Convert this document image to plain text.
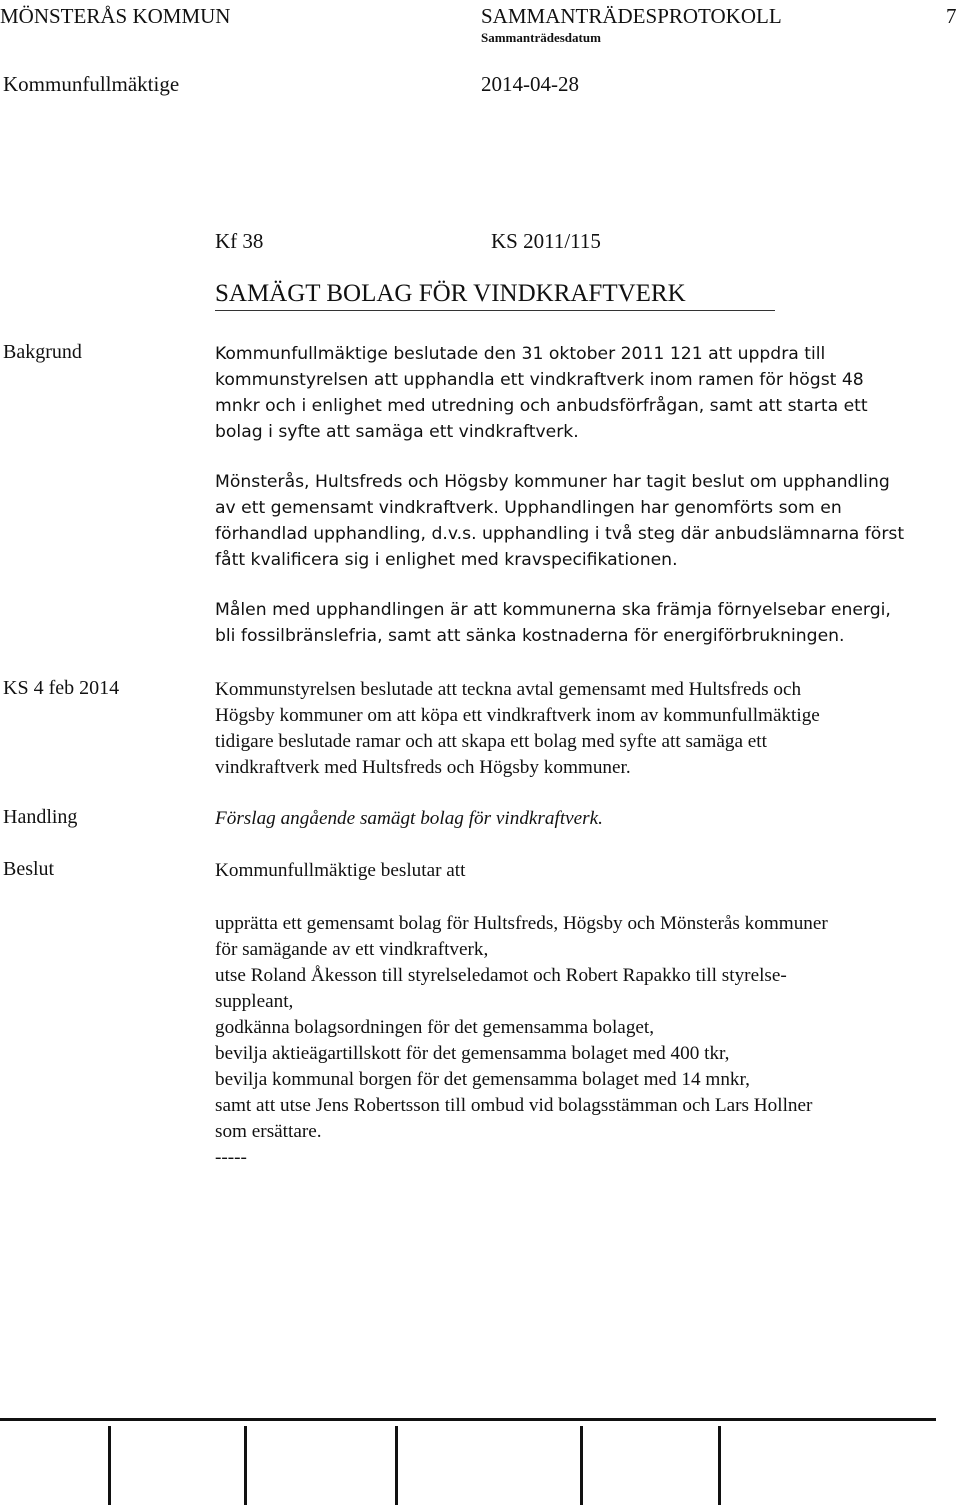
MÖNSTERÅS KOMMUN	SAMMANTRÄDESPROTOKOLL	7
Sammanträdesdatum
Kommunfullmäktige	2014-04-28
Kf 38	KS 2011/115
SAMÄGT BOLAG FÖR VINDKRAFTVERK
Bakgrund	Kommunfullmäktige beslutade den 31 oktober 2011 121 att uppdra till
kommunstyrelsen att upphandla ett vindkraftverk inom ramen för högst 48
mnkr och i enlighet med utredning och anbudsförfrågan, samt att starta ett
bolag i syfte att samäga ett vindkraftverk.
Mönsterås, Hultsfreds och Högsby kommuner har tagit beslut om upphandling
av ett gemensamt vindkraftverk. Upphandlingen har genomförts som en
förhandlad upphandling, d.v.s. upphandling i två steg där anbudslämnarna först
fått kvalificera sig i enlighet med kravspecifikationen.
Målen med upphandlingen är att kommunerna ska främja förnyelsebar energi,
bli fossilbränslefria, samt att sänka kostnaderna för energiförbrukningen.
KS 4 feb 2014	Kommunstyrelsen beslutade att teckna avtal gemensamt med Hultsfreds och
Högsby kommuner om att köpa ett vindkraftverk inom av kommunfullmäktige
tidigare beslutade ramar och att skapa ett bolag med syfte att samäga ett
vindkraftverk med Hultsfreds och Högsby kommuner.
Handling	Förslag angående samägt bolag för vindkraftverk.
Beslut	Kommunfullmäktige beslutar att
upprätta ett gemensamt bolag för Hultsfreds, Högsby och Mönsterås kommuner
för samägande av ett vindkraftverk,
utse Roland Åkesson till styrelseledamot och Robert Rapakko till styrelse-
suppleant,
godkänna bolagsordningen för det gemensamma bolaget,
bevilja aktieägartillskott för det gemensamma bolaget med 400 tkr,
bevilja kommunal borgen för det gemensamma bolaget med 14 mnkr,
samt att utse Jens Robertsson till ombud vid bolagsstämman och Lars Hollner
som ersättare.
-----
